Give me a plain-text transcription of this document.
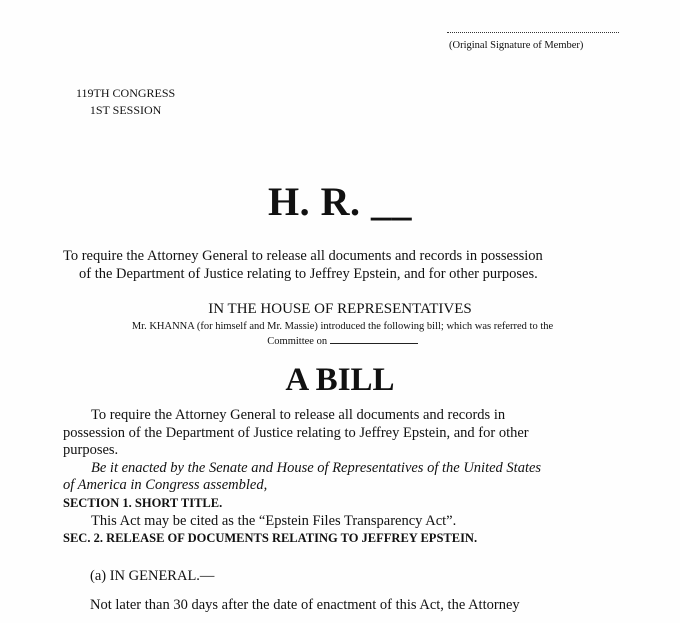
(Original Signature of Member)
119TH CONGRESS
1ST SESSION
H. R. __
To require the Attorney General to release all documents and records in possession
of the Department of Justice relating to Jeffrey Epstein, and for other purposes.
IN THE HOUSE OF REPRESENTATIVES
Mr. KHANNA (for himself and Mr. Massie) introduced the following bill; which was referred to the
Committee on
A BILL
To require the Attorney General to release all documents and records in
possession of the Department of Justice relating to Jeffrey Epstein, and for other
purposes.
Be it enacted by the Senate and House of Representatives of the United States
of America in Congress assembled,
SECTION 1. SHORT TITLE.
This Act may be cited as the “Epstein Files Transparency Act”.
SEC. 2. RELEASE OF DOCUMENTS RELATING TO JEFFREY EPSTEIN.
(a) IN GENERAL.—
Not later than 30 days after the date of enactment of this Act, the Attorney
